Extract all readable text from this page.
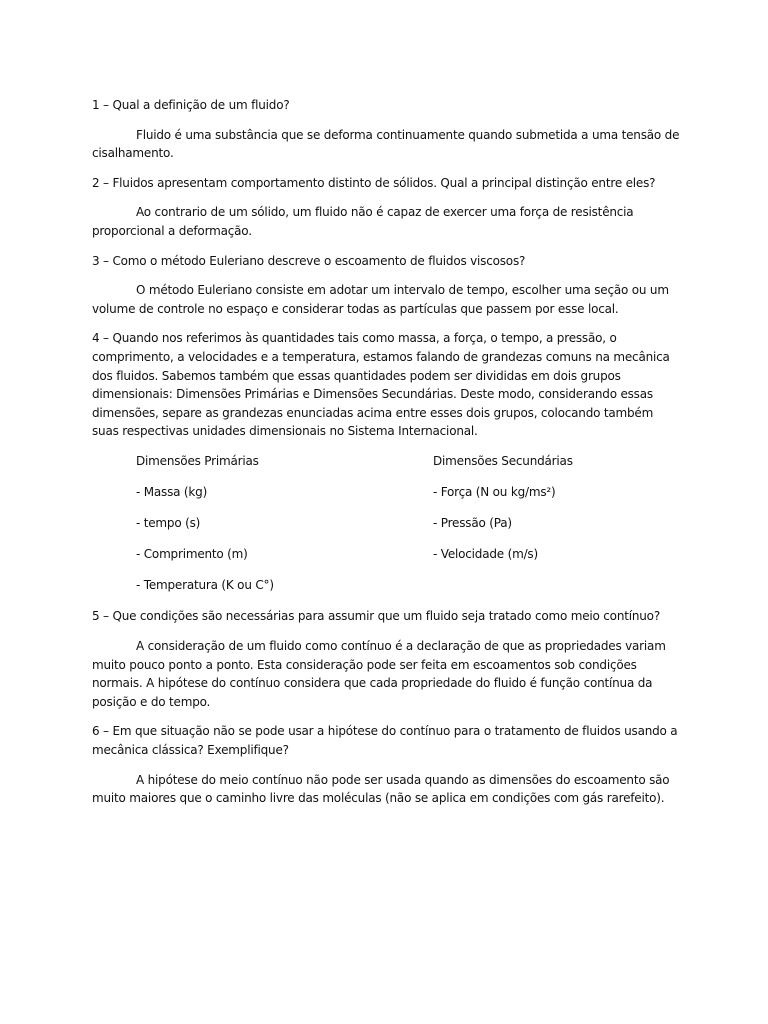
1 – Qual a definição de um fluido?

Fluido é uma substância que se deforma continuamente quando submetida a uma tensão de cisalhamento.

2 – Fluidos apresentam comportamento distinto de sólidos. Qual a principal distinção entre eles?

Ao contrario de um sólido, um fluido não é capaz de exercer uma força de resistência proporcional a deformação.

3 – Como o método Euleriano descreve o escoamento de fluidos viscosos?

O método Euleriano consiste em adotar um intervalo de tempo, escolher uma seção ou um volume de controle no espaço e considerar todas as partículas que passem por esse local.

4 – Quando nos referimos às quantidades tais como massa, a força, o tempo, a pressão, o comprimento, a velocidades e a temperatura, estamos falando de grandezas comuns na mecânica dos fluidos. Sabemos também que essas quantidades podem ser divididas em dois grupos dimensionais: Dimensões Primárias e Dimensões Secundárias. Deste modo, considerando essas dimensões, separe as grandezas enunciadas acima entre esses dois grupos, colocando também suas respectivas unidades dimensionais no Sistema Internacional.

Dimensões Primárias
- Massa (kg)
- tempo (s)
- Comprimento (m)
- Temperatura (K ou C°)
Dimensões Secundárias
- Força (N ou kg/ms²)
- Pressão (Pa)
- Velocidade (m/s)

5 – Que condições são necessárias para assumir que um fluido seja tratado como meio contínuo?

A consideração de um fluido como contínuo é a declaração de que as propriedades variam muito pouco ponto a ponto. Esta consideração pode ser feita em escoamentos sob condições normais. A hipótese do contínuo considera que cada propriedade do fluido é função contínua da posição e do tempo.

6 – Em que situação não se pode usar a hipótese do contínuo para o tratamento de fluidos usando a mecânica clássica? Exemplifique?

A hipótese do meio contínuo não pode ser usada quando as dimensões do escoamento são muito maiores que o caminho livre das moléculas (não se aplica em condições com gás rarefeito).
